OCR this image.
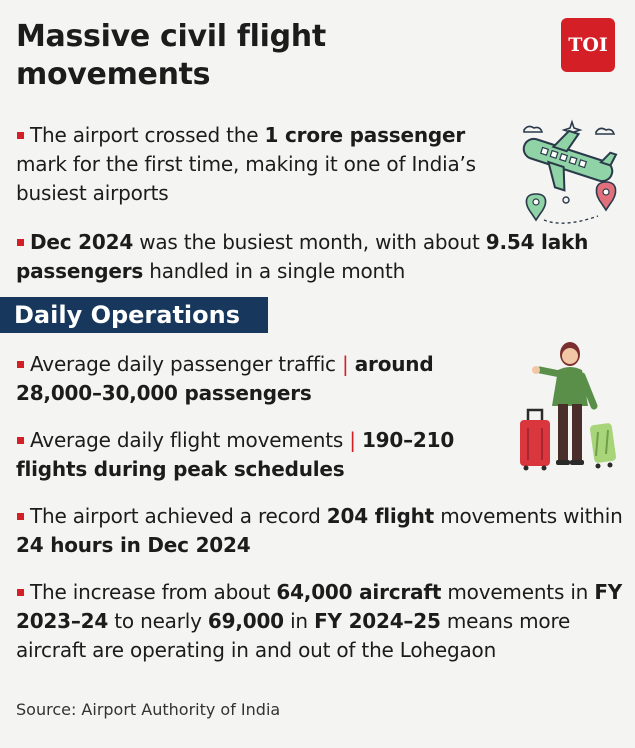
Massive civil flight movements
TOI
The airport crossed the 1 crore passenger mark for the first time, making it one of India’s busiest airports
Dec 2024 was the busiest month, with about 9.54 lakh passengers handled in a single month
Daily Operations
Average daily passenger traffic | around 28,000–30,000 passengers
Average daily flight movements | 190–210 flights during peak schedules
The airport achieved a record 204 flight movements within 24 hours in Dec 2024
The increase from about 64,000 aircraft movements in FY 2023–24 to nearly 69,000 in FY 2024–25 means more aircraft are operating in and out of the Lohegaon
Source: Airport Authority of India
